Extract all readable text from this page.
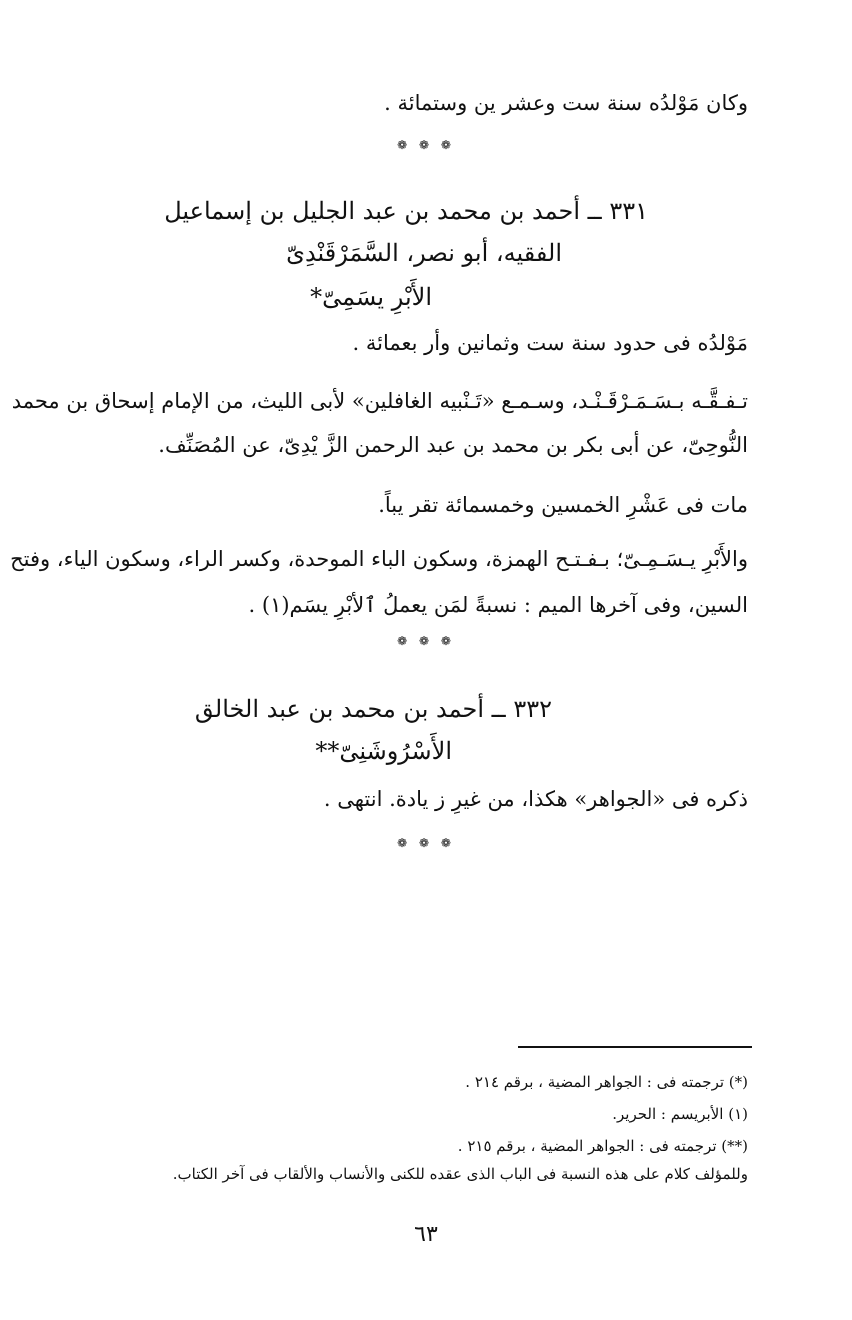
وكان مَوْلدُه سنة ست وعشر ين وستمائة .
❁ ❁ ❁
٣٣١ ــ أحمد بن محمد بن عبد الجليل بن إسماعيل
الفقيه، أبو نصر، السَّمَرْقَنْدِىّ
الأَبْرِ يسَمِىّ*
مَوْلدُه فى حدود سنة ست وثمانين وأر بعمائة .
تـفـقَّـه بـسَـمَـرْقَـنْـد، وسـمـع «تَـنْبيه الغافلين» لأبى الليث، من الإمام إسحاق بن محمد
النُّوحِىّ، عن أبى بكر بن محمد بن عبد الرحمن الزَّ يْدِىّ، عن المُصَنِّف.
مات فى عَشْرِ الخمسين وخمسمائة تقر يباً.
والأَبْرِ يـسَـمِـىّ؛ بـفـتـح الهمزة، وسكون الباء الموحدة، وكسر الراء، وسكون الياء، وفتح
السين، وفى آخرها الميم : نسبةً لمَن يعملُ ٱلأبْرِ يسَم(١) .
❁ ❁ ❁
٣٣٢ ــ أحمد بن محمد بن عبد الخالق
الأَسْرُوشَنِىّ**
ذكره فى «الجواهر» هكذا، من غيرِ ز يادة. انتهى .
❁ ❁ ❁
(*) ترجمته فى : الجواهر المضية ، برقم ٢١٤ .
(١) الأبريسم : الحرير.
(**) ترجمته فى : الجواهر المضية ، برقم ٢١٥ .
وللمؤلف كلام على هذه النسبة فى الباب الذى عقده للكنى والأنساب والألقاب فى آخر الكتاب.
٦٣
